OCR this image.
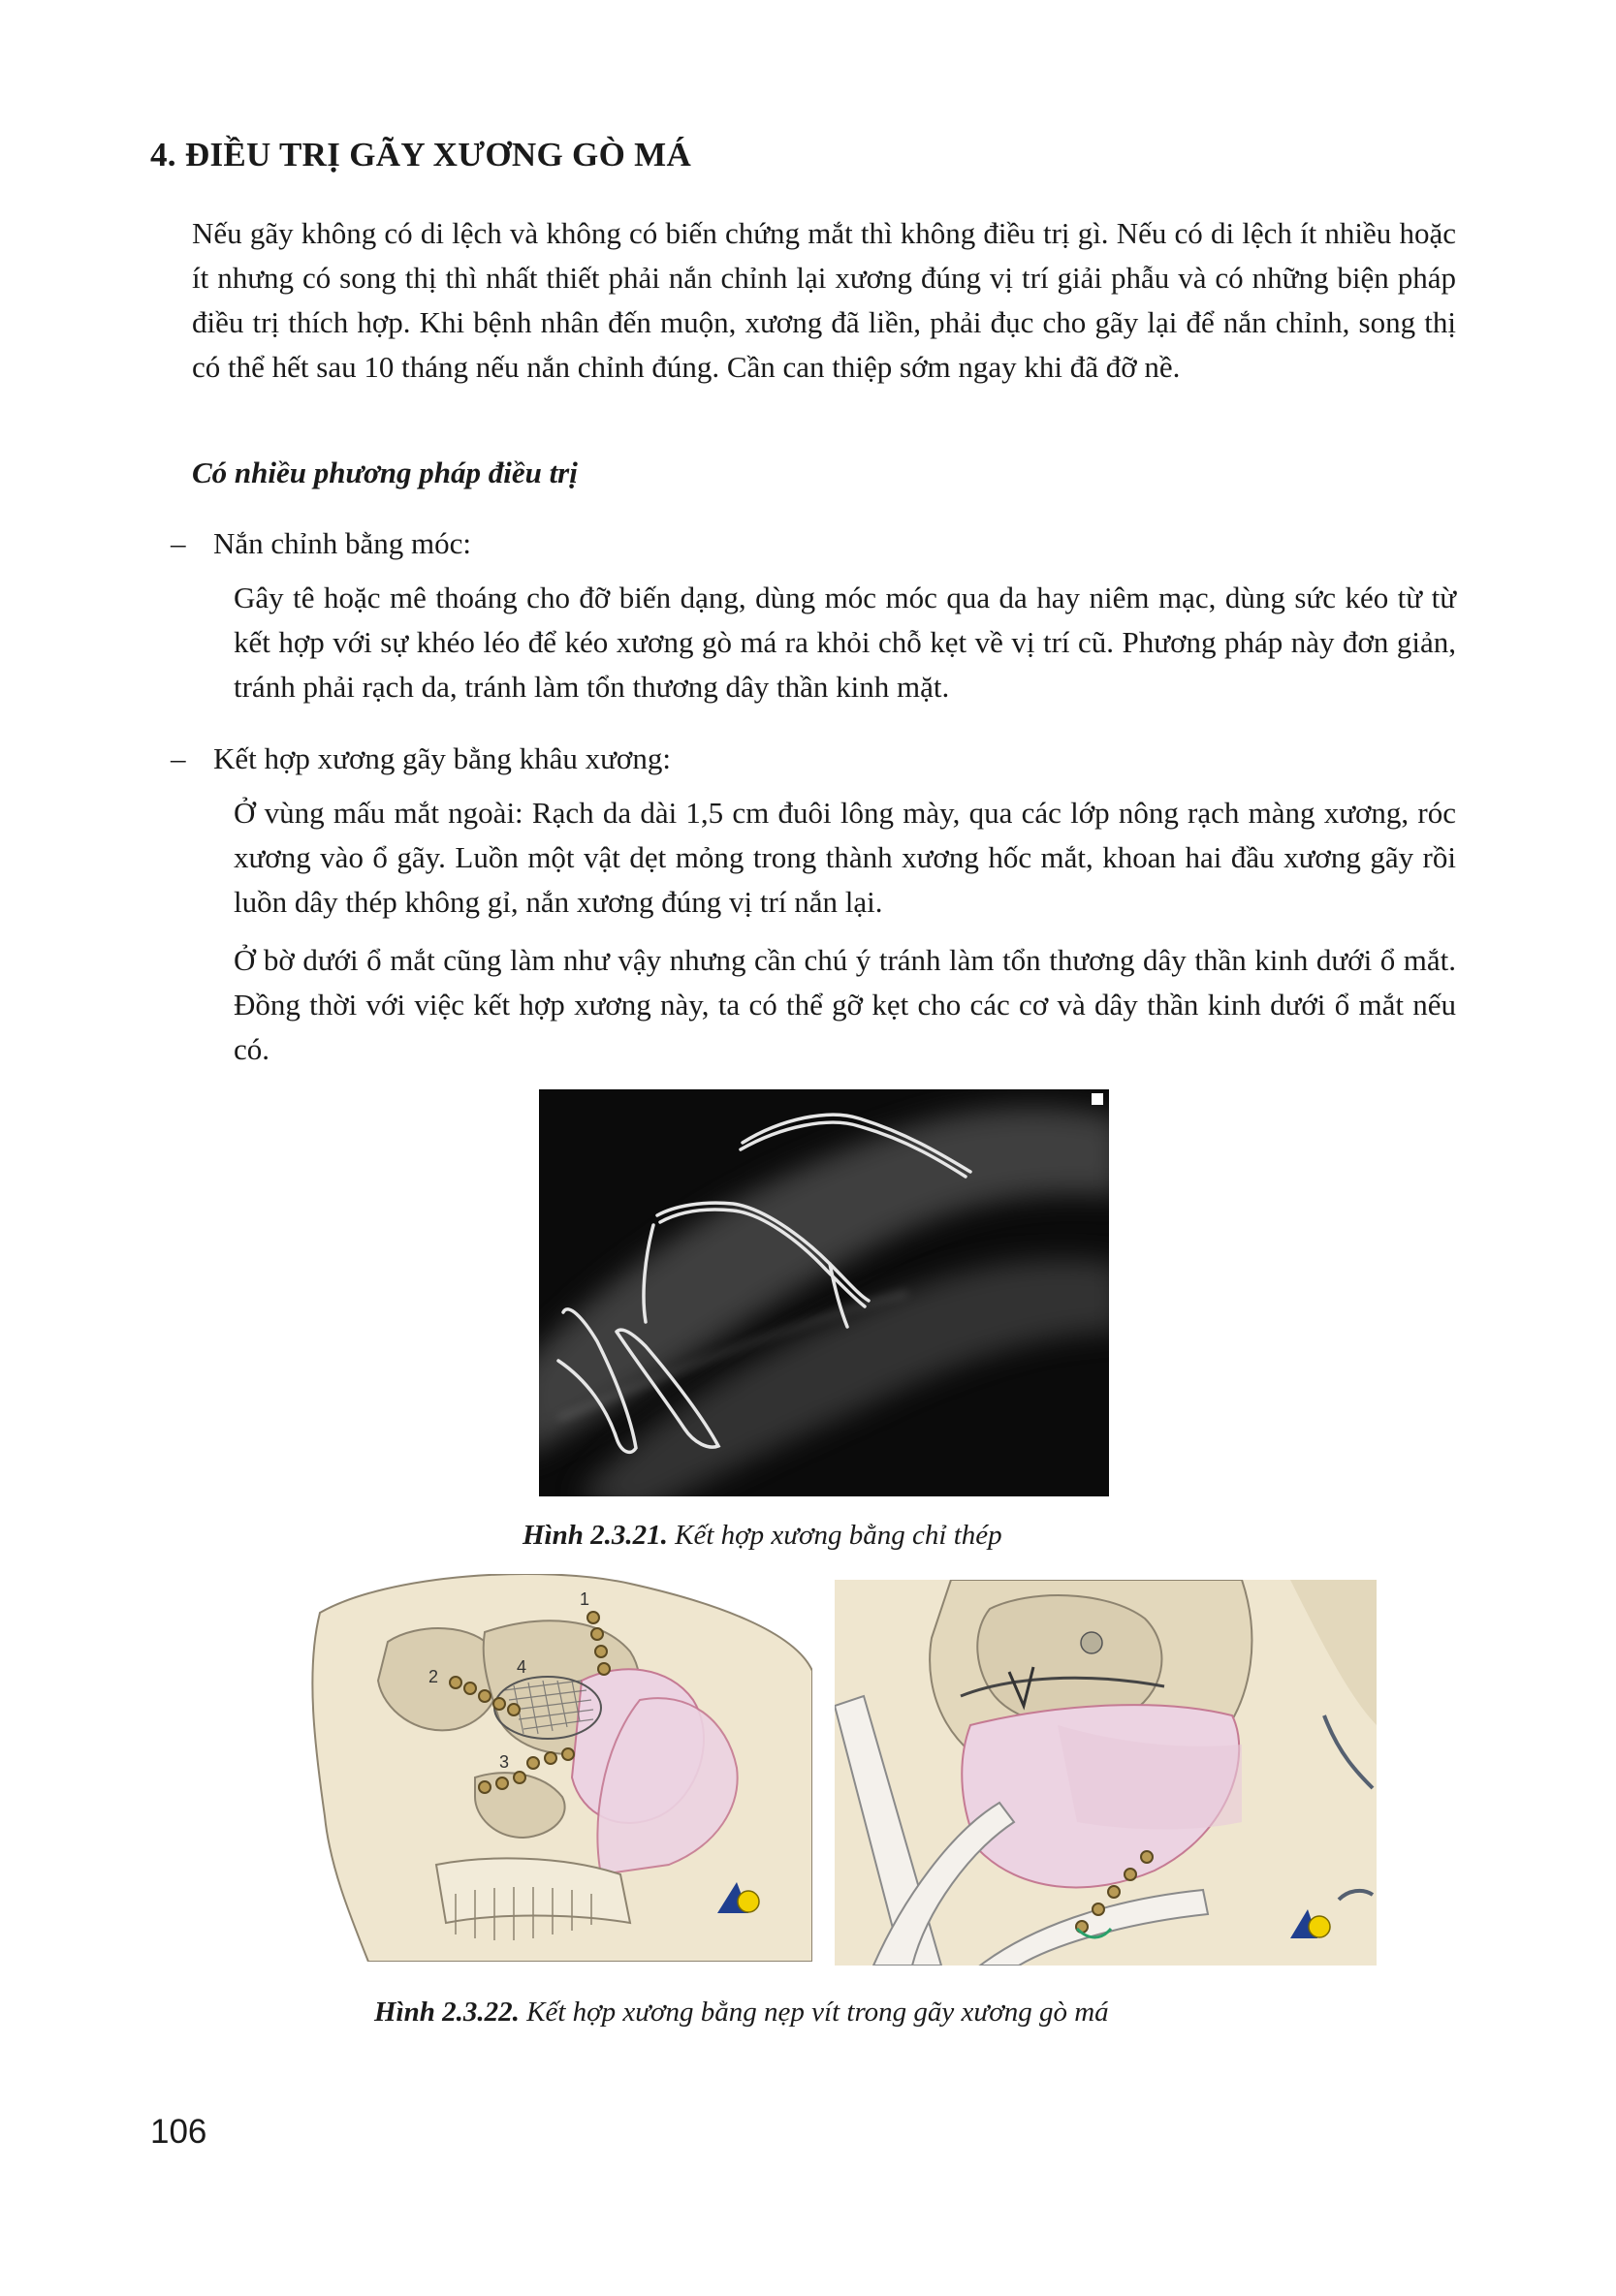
4. ĐIỀU TRỊ GÃY XƯƠNG GÒ MÁ

Nếu gãy không có di lệch và không có biến chứng mắt thì không điều trị gì. Nếu có di lệch ít nhiều hoặc ít nhưng có song thị thì nhất thiết phải nắn chỉnh lại xương đúng vị trí giải phẫu và có những biện pháp điều trị thích hợp. Khi bệnh nhân đến muộn, xương đã liền, phải đục cho gãy lại để nắn chỉnh, song thị có thể hết sau 10 tháng nếu nắn chỉnh đúng. Cần can thiệp sớm ngay khi đã đỡ nề.

Có nhiều phương pháp điều trị
– Nắn chỉnh bằng móc:

Gây tê hoặc mê thoáng cho đỡ biến dạng, dùng móc móc qua da hay niêm mạc, dùng sức kéo từ từ kết hợp với sự khéo léo để kéo xương gò má ra khỏi chỗ kẹt về vị trí cũ. Phương pháp này đơn giản, tránh phải rạch da, tránh làm tổn thương dây thần kinh mặt.

– Kết hợp xương gãy bằng khâu xương:

Ở vùng mấu mắt ngoài: Rạch da dài 1,5 cm đuôi lông mày, qua các lớp nông rạch màng xương, róc xương vào ổ gãy. Luồn một vật dẹt mỏng trong thành xương hốc mắt, khoan hai đầu xương gãy rồi luồn dây thép không gỉ, nắn xương đúng vị trí nắn lại.

Ở bờ dưới ổ mắt cũng làm như vậy nhưng cần chú ý tránh làm tổn thương dây thần kinh dưới ổ mắt. Đồng thời với việc kết hợp xương này, ta có thể gỡ kẹt cho các cơ và dây thần kinh dưới ổ mắt nếu có.

Hình 2.3.21. Kết hợp xương bằng chỉ thép
1
2
3
4
Hình 2.3.22. Kết hợp xương bằng nẹp vít trong gãy xương gò má
106
